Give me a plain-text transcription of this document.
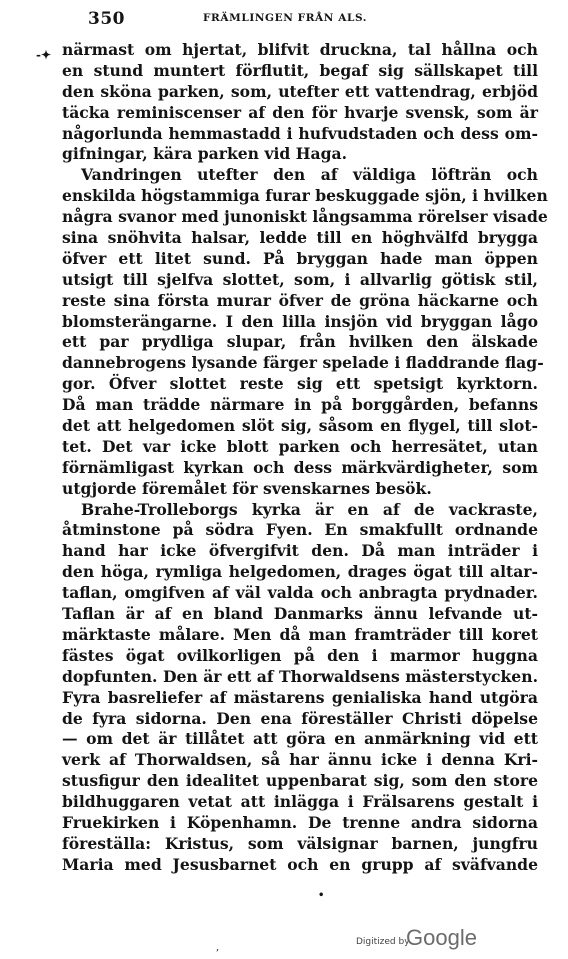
350	FRÄMLINGEN FRÅN ALS.
-✦ närmast om hjertat, blifvit druckna, tal hållna och
en stund muntert förflutit, begaf sig sällskapet till
den sköna parken, som, utefter ett vattendrag, erbjöd
täcka reminiscenser af den för hvarje svensk, som är
någorlunda hemmastadd i hufvudstaden och dess om-
gifningar, kära parken vid Haga.
Vandringen utefter den af väldiga löfträn och
enskilda högstammiga furar beskuggade sjön, i hvilken
några svanor med junoniskt långsamma rörelser visade
sina snöhvita halsar, ledde till en höghvälfd brygga
öfver ett litet sund. På bryggan hade man öppen
utsigt till sjelfva slottet, som, i allvarlig götisk stil,
reste sina första murar öfver de gröna häckarne och
blomsterängarne. I den lilla insjön vid bryggan lågo
ett par prydliga slupar, från hvilken den älskade
dannebrogens lysande färger spelade i fladdrande flag-
gor. Öfver slottet reste sig ett spetsigt kyrktorn.
Då man trädde närmare in på borggården, befanns
det att helgedomen slöt sig, såsom en flygel, till slot-
tet. Det var icke blott parken och herresätet, utan
förnämligast kyrkan och dess märkvärdigheter, som
utgjorde föremålet för svenskarnes besök.
Brahe-Trolleborgs kyrka är en af de vackraste,
åtminstone på södra Fyen. En smakfullt ordnande
hand har icke öfvergifvit den. Då man inträder i
den höga, rymliga helgedomen, drages ögat till altar-
taflan, omgifven af väl valda och anbragta prydnader.
Taflan är af en bland Danmarks ännu lefvande ut-
märktaste målare. Men då man framträder till koret
fästes ögat ovilkorligen på den i marmor huggna
dopfunten. Den är ett af Thorwaldsens mästerstycken.
Fyra basreliefer af mästarens genialiska hand utgöra
de fyra sidorna. Den ena föreställer Christi döpelse
— om det är tillåtet att göra en anmärkning vid ett
verk af Thorwaldsen, så har ännu icke i denna Kri-
stusfigur den idealitet uppenbarat sig, som den store
bildhuggaren vetat att inlägga i Frälsarens gestalt i
Fruekirken i Köpenhamn. De trenne andra sidorna
föreställa: Kristus, som välsignar barnen, jungfru
Maria med Jesusbarnet och en grupp af sväfvande
•
,	Digitized by
Google
